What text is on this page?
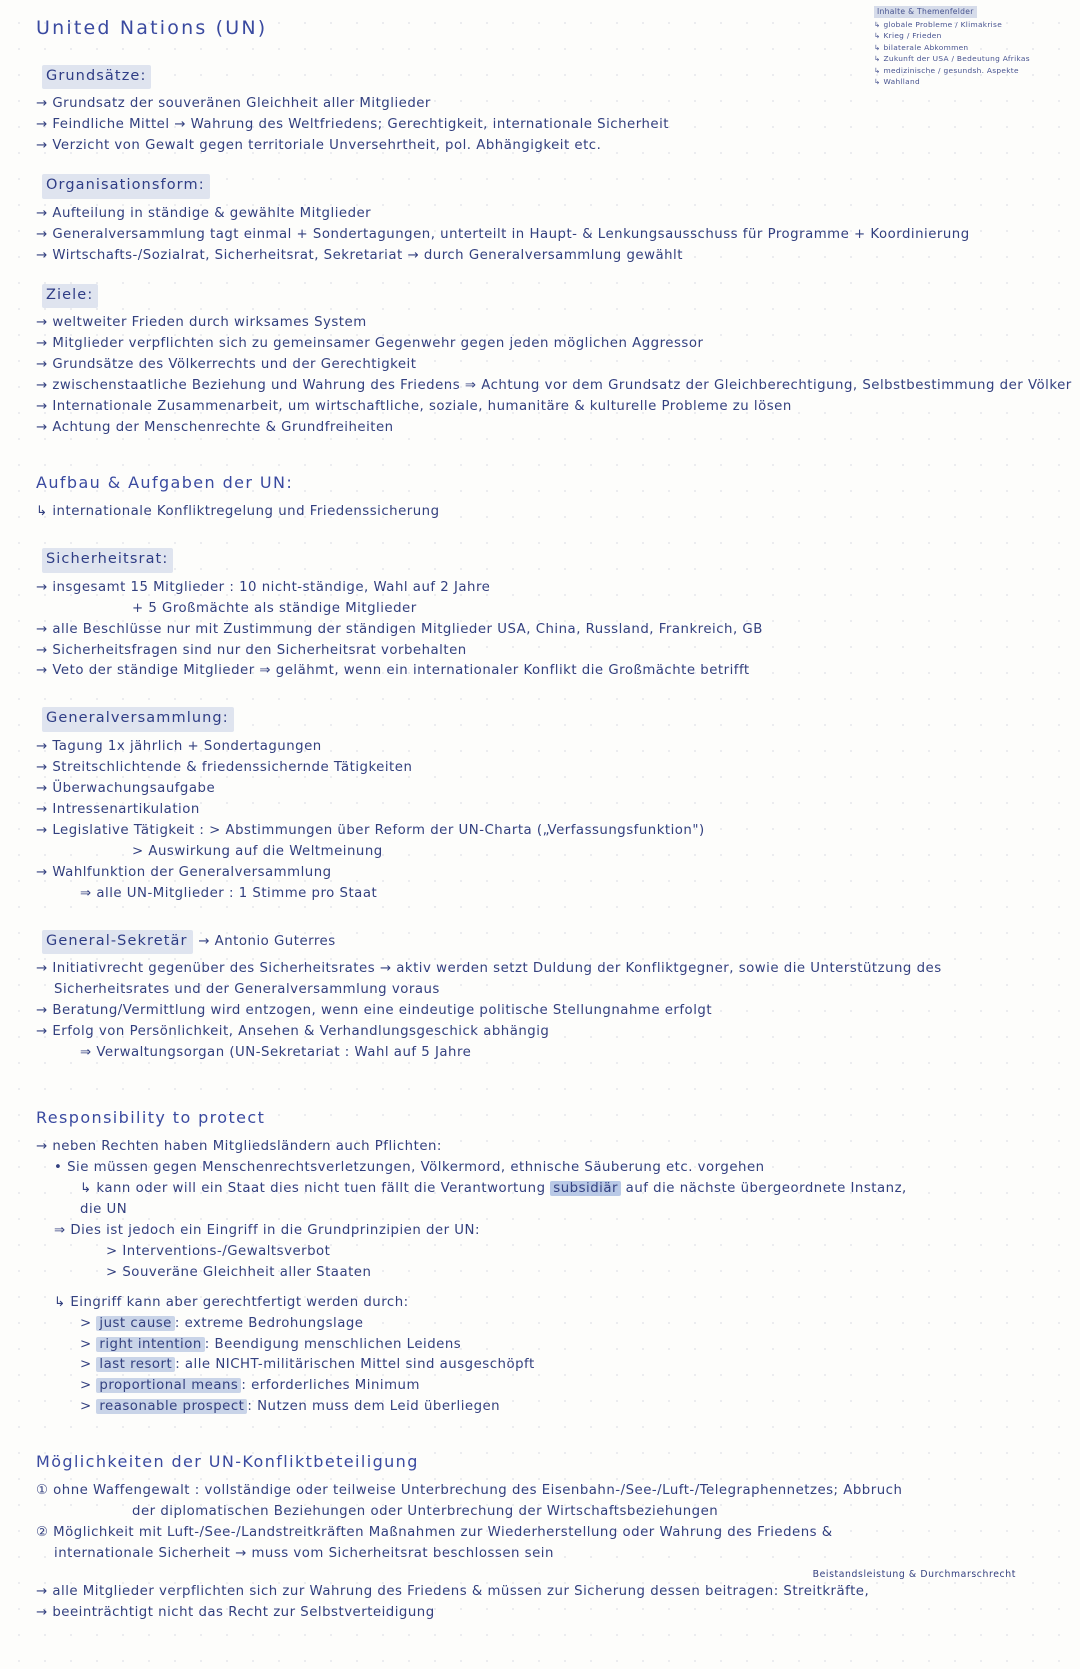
Inhalte & Themenfelder
↳ globale Probleme / Klimakrise
↳ Krieg / Frieden
↳ bilaterale Abkommen
↳ Zukunft der USA / Bedeutung Afrikas
↳ medizinische / gesundsh. Aspekte
↳ Wahlland
United Nations (UN)
Grundsätze:
→ Grundsatz der souveränen Gleichheit aller Mitglieder
→ Feindliche Mittel → Wahrung des Weltfriedens; Gerechtigkeit, internationale Sicherheit
→ Verzicht von Gewalt gegen territoriale Unversehrtheit, pol. Abhängigkeit etc.
Organisationsform:
→ Aufteilung in ständige & gewählte Mitglieder
→ Generalversammlung tagt einmal + Sondertagungen, unterteilt in Haupt- & Lenkungsausschuss für Programme + Koordinierung
→ Wirtschafts-/Sozialrat, Sicherheitsrat, Sekretariat → durch Generalversammlung gewählt
Ziele:
→ weltweiter Frieden durch wirksames System
→ Mitglieder verpflichten sich zu gemeinsamer Gegenwehr gegen jeden möglichen Aggressor
→ Grundsätze des Völkerrechts und der Gerechtigkeit
→ zwischenstaatliche Beziehung und Wahrung des Friedens ⇒ Achtung vor dem Grundsatz der Gleichberechtigung, Selbstbestimmung der Völker
→ Internationale Zusammenarbeit, um wirtschaftliche, soziale, humanitäre & kulturelle Probleme zu lösen
→ Achtung der Menschenrechte & Grundfreiheiten
Aufbau & Aufgaben der UN:
↳ internationale Konfliktregelung und Friedenssicherung
Sicherheitsrat:
→ insgesamt 15 Mitglieder : 10 nicht-ständige, Wahl auf 2 Jahre
+ 5 Großmächte als ständige Mitglieder
→ alle Beschlüsse nur mit Zustimmung der ständigen Mitglieder USA, China, Russland, Frankreich, GB
→ Sicherheitsfragen sind nur den Sicherheitsrat vorbehalten
→ Veto der ständige Mitglieder ⇒ gelähmt, wenn ein internationaler Konflikt die Großmächte betrifft
Generalversammlung:
→ Tagung 1x jährlich + Sondertagungen
→ Streitschlichtende & friedenssichernde Tätigkeiten
→ Überwachungsaufgabe
→ Intressenartikulation
→ Legislative Tätigkeit : > Abstimmungen über Reform der UN-Charta („Verfassungsfunktion")
> Auswirkung auf die Weltmeinung
→ Wahlfunktion der Generalversammlung
⇒ alle UN-Mitglieder : 1 Stimme pro Staat
General-Sekretär → Antonio Guterres
→ Initiativrecht gegenüber des Sicherheitsrates → aktiv werden setzt Duldung der Konfliktgegner, sowie die Unterstützung des
Sicherheitsrates und der Generalversammlung voraus
→ Beratung/Vermittlung wird entzogen, wenn eine eindeutige politische Stellungnahme erfolgt
→ Erfolg von Persönlichkeit, Ansehen & Verhandlungsgeschick abhängig
⇒ Verwaltungsorgan (UN-Sekretariat : Wahl auf 5 Jahre
Responsibility to protect
→ neben Rechten haben Mitgliedsländern auch Pflichten:
• Sie müssen gegen Menschenrechtsverletzungen, Völkermord, ethnische Säuberung etc. vorgehen
↳ kann oder will ein Staat dies nicht tuen fällt die Verantwortung subsidiär auf die nächste übergeordnete Instanz,
die UN
⇒ Dies ist jedoch ein Eingriff in die Grundprinzipien der UN:
> Interventions-/Gewaltsverbot
> Souveräne Gleichheit aller Staaten
↳ Eingriff kann aber gerechtfertigt werden durch:
> just cause : extreme Bedrohungslage
> right intention : Beendigung menschlichen Leidens
> last resort : alle NICHT-militärischen Mittel sind ausgeschöpft
> proportional means : erforderliches Minimum
> reasonable prospect : Nutzen muss dem Leid überliegen
Möglichkeiten der UN-Konfliktbeteiligung
① ohne Waffengewalt : vollständige oder teilweise Unterbrechung des Eisenbahn-/See-/Luft-/Telegraphennetzes; Abbruch
der diplomatischen Beziehungen oder Unterbrechung der Wirtschaftsbeziehungen
② Möglichkeit mit Luft-/See-/Landstreitkräften Maßnahmen zur Wiederherstellung oder Wahrung des Friedens &
internationale Sicherheit → muss vom Sicherheitsrat beschlossen sein
Beistandsleistung & Durchmarschrecht
→ alle Mitglieder verpflichten sich zur Wahrung des Friedens & müssen zur Sicherung dessen beitragen: Streitkräfte,
→ beeinträchtigt nicht das Recht zur Selbstverteidigung
